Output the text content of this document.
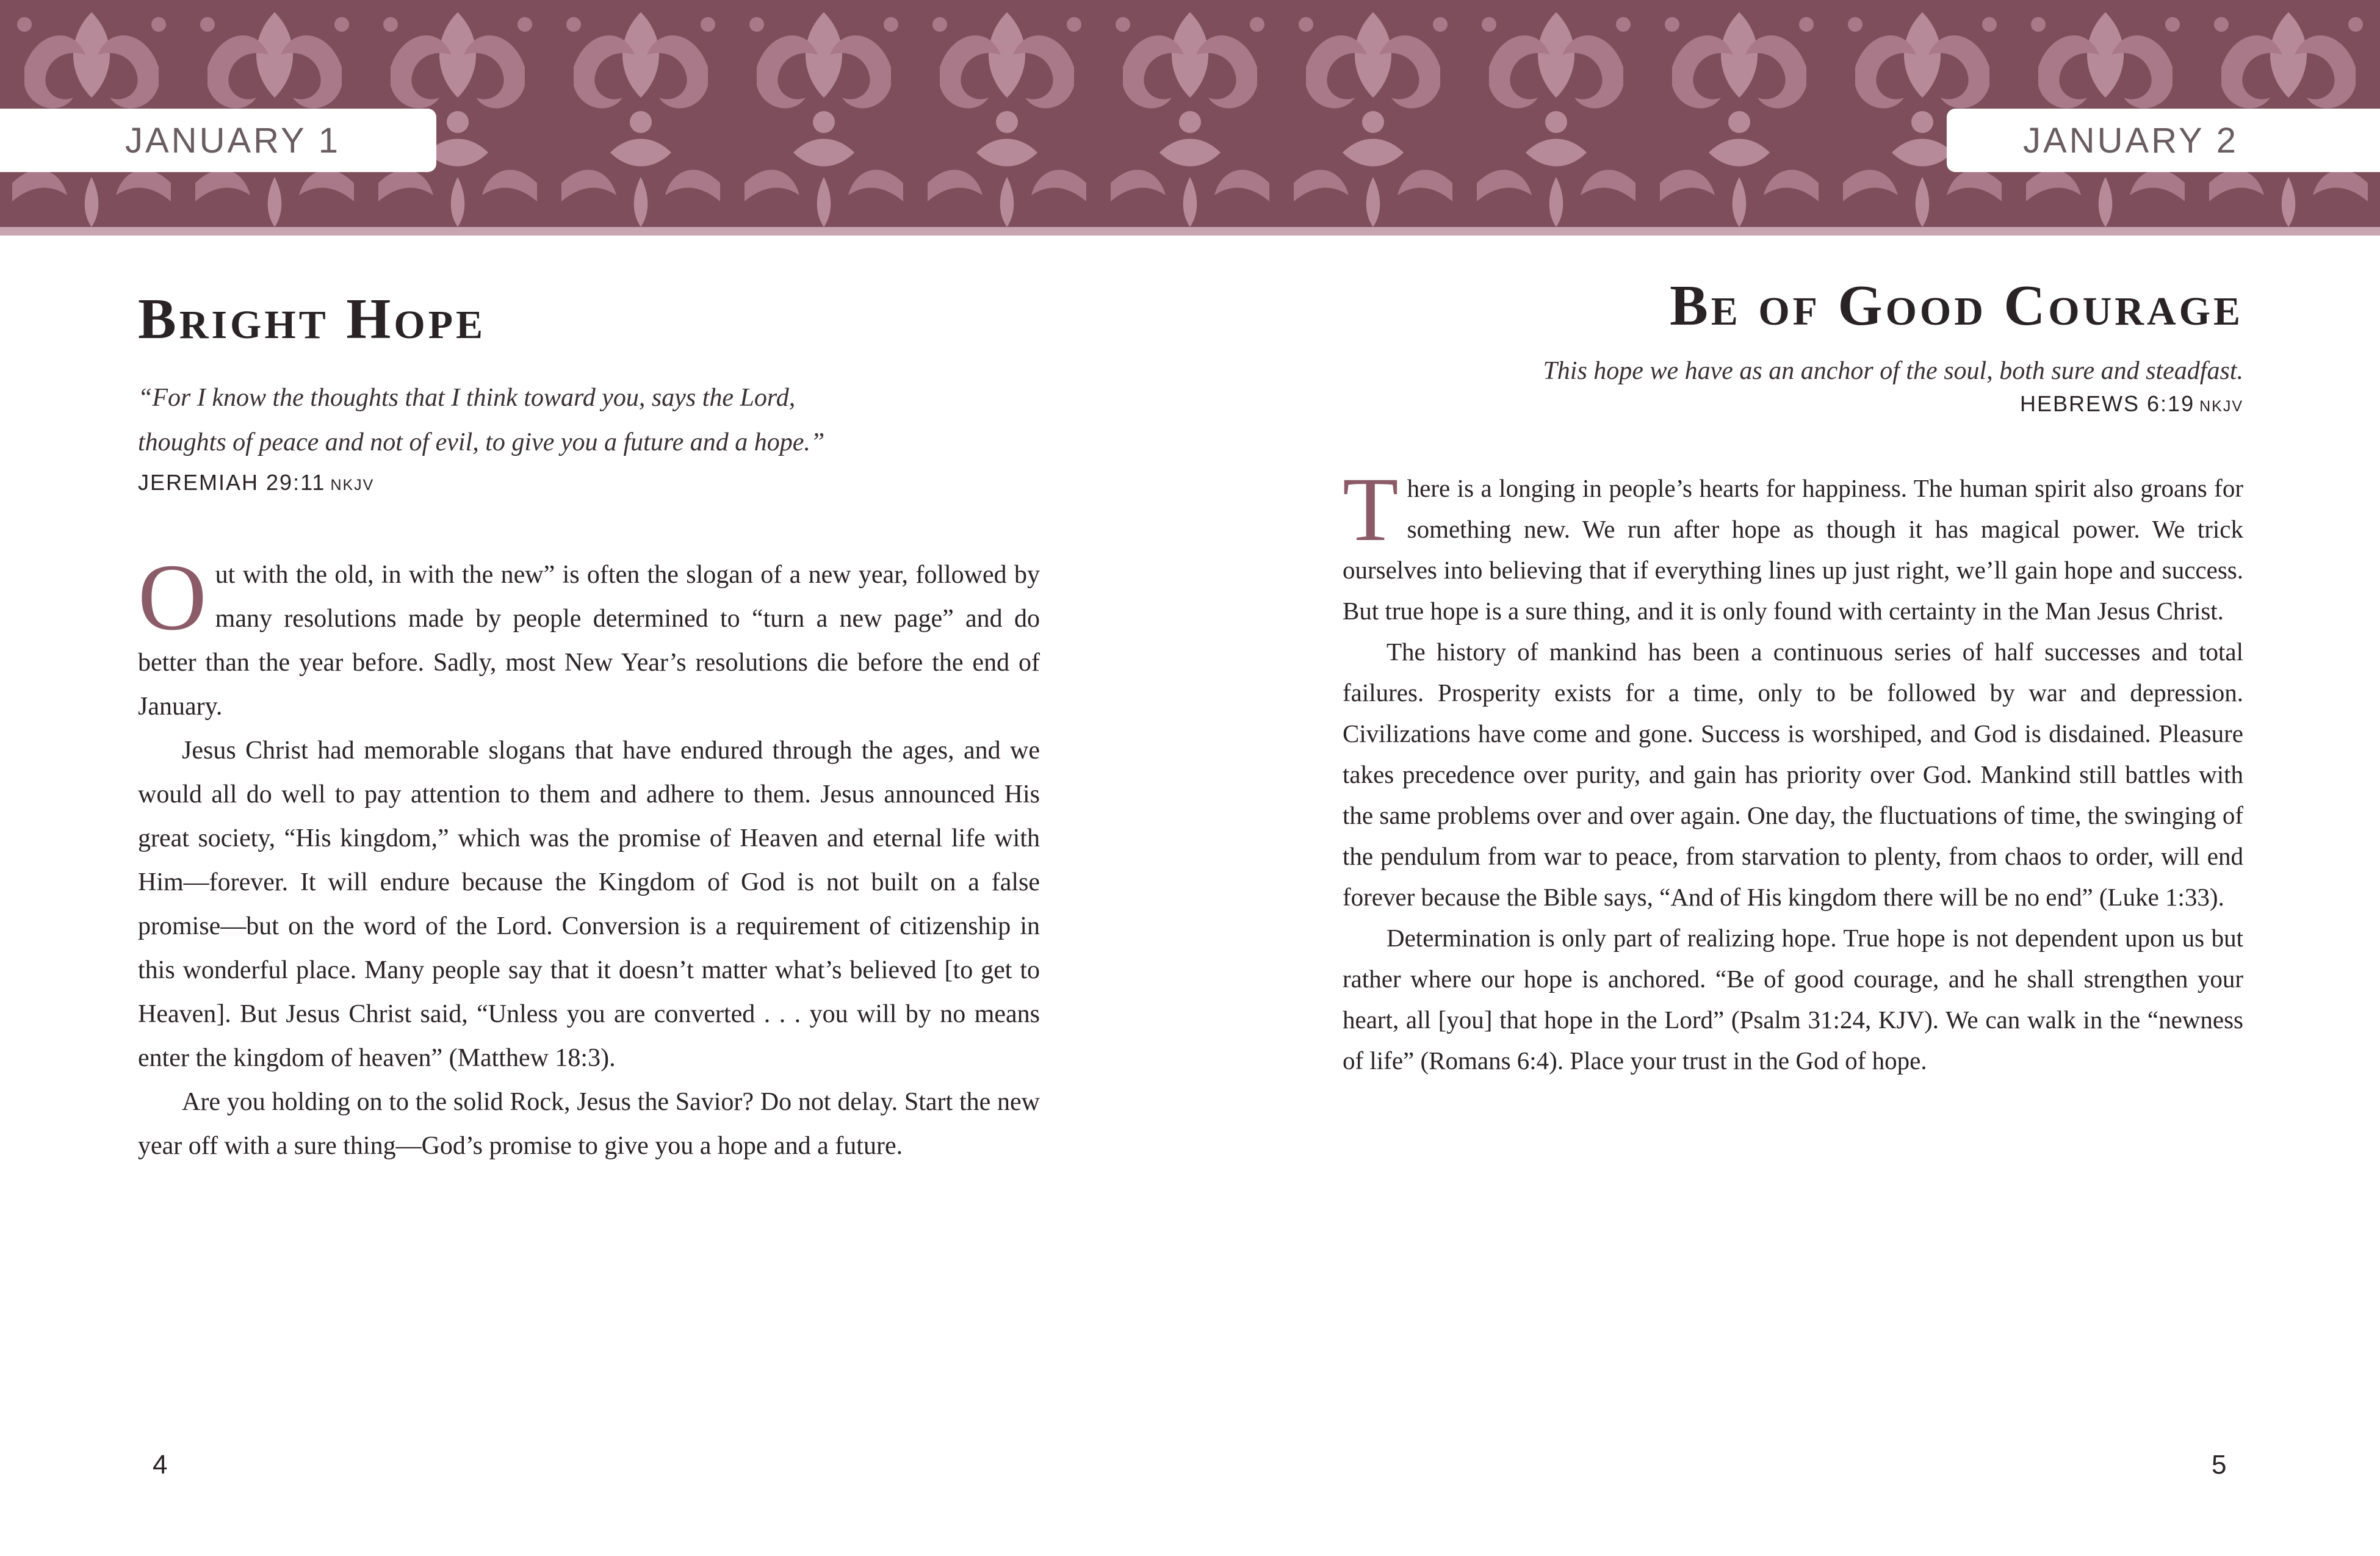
JANUARY 1	JANUARY 2
Bright Hope

“For I know the thoughts that I think toward you, says the Lord,

thoughts of peace and not of evil, to give you a future and a hope.”

JEREMIAH 29:11 NKJV

Out with the old, in with the new” is often the slogan of a new year, followed by many resolutions made by people determined to “turn a new page” and do better than the year before. Sadly, most New Year’s resolutions die before the end of January.

Jesus Christ had memorable slogans that have endured through the ages, and we would all do well to pay attention to them and adhere to them. Jesus announced His great society, “His kingdom,” which was the promise of Heaven and eternal life with Him—forever. It will endure because the Kingdom of God is not built on a false promise—but on the word of the Lord. Conversion is a requirement of citizenship in this wonderful place. Many people say that it doesn’t matter what’s believed [to get to Heaven]. But Jesus Christ said, “Unless you are converted . . . you will by no means enter the kingdom of heaven” (Matthew 18:3).

Are you holding on to the solid Rock, Jesus the Savior? Do not delay. Start the new year off with a sure thing—God’s promise to give you a hope and a future.

Be of Good Courage

This hope we have as an anchor of the soul, both sure and steadfast.

HEBREWS 6:19 NKJV

There is a longing in people’s hearts for happiness. The human spirit also groans for something new. We run after hope as though it has magical power. We trick ourselves into believing that if everything lines up just right, we’ll gain hope and success. But true hope is a sure thing, and it is only found with certainty in the Man Jesus Christ.

The history of mankind has been a continuous series of half successes and total failures. Prosperity exists for a time, only to be followed by war and depression. Civilizations have come and gone. Success is worshiped, and God is disdained. Pleasure takes precedence over purity, and gain has priority over God. Mankind still battles with the same problems over and over again. One day, the fluctuations of time, the swinging of the pendulum from war to peace, from starvation to plenty, from chaos to order, will end forever because the Bible says, “And of His kingdom there will be no end” (Luke 1:33).

Determination is only part of realizing hope. True hope is not dependent upon us but rather where our hope is anchored. “Be of good courage, and he shall strengthen your heart, all [you] that hope in the Lord” (Psalm 31:24, KJV). We can walk in the “newness of life” (Romans 6:4). Place your trust in the God of hope.

4	5
